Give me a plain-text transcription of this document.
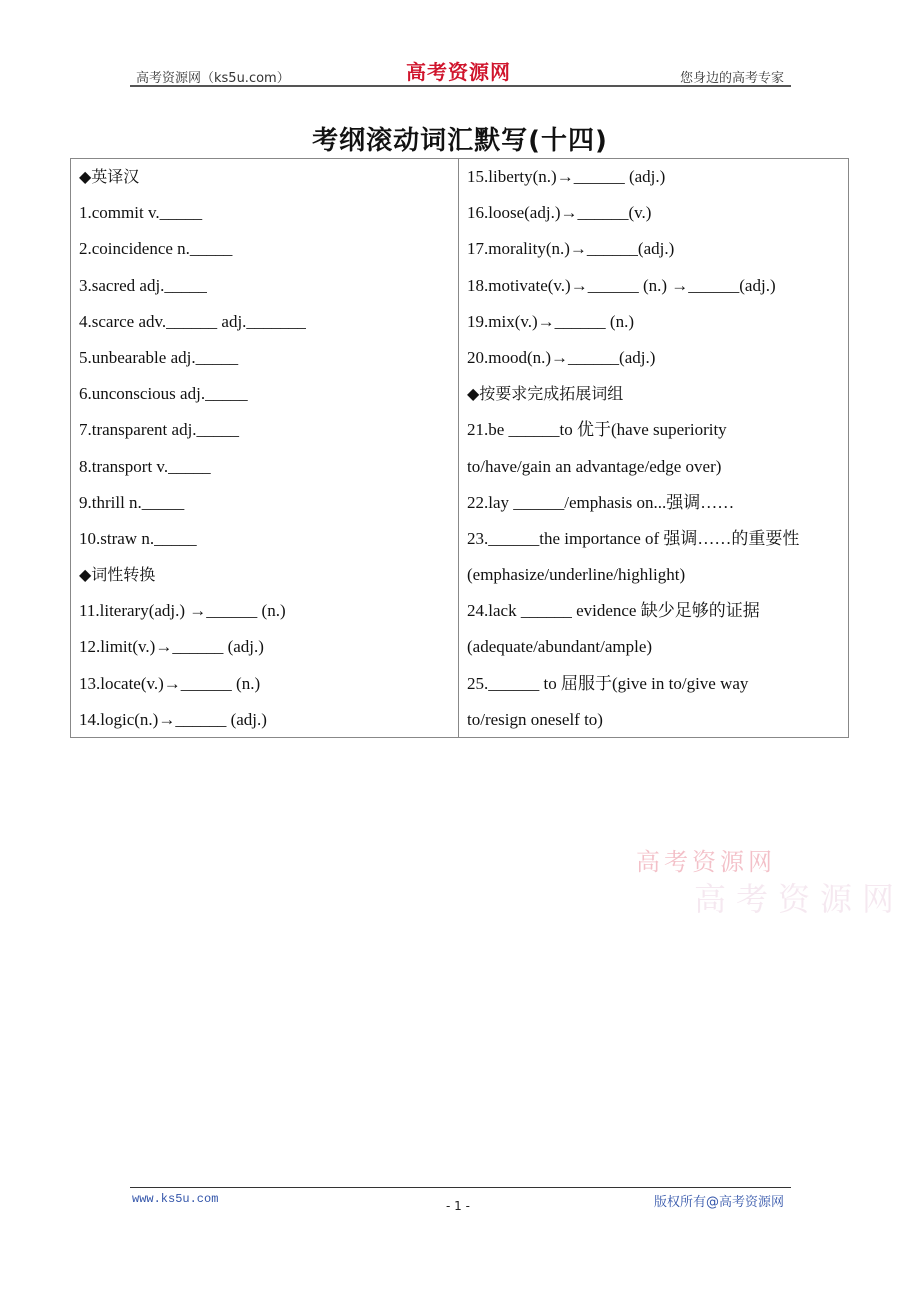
高考资源网（ks5u.com）	高考资源网	您身边的高考专家
考纲滚动词汇默写(十四)
◆英译汉
1.commit v._____
2.coincidence n._____
3.sacred adj._____
4.scarce adv.______ adj._______
5.unbearable adj._____
6.unconscious adj._____
7.transparent adj._____
8.transport v._____
9.thrill n._____
10.straw n._____
◆词性转换
11.literary(adj.) →______ (n.)
12.limit(v.)→______ (adj.)
13.locate(v.)→______ (n.)
14.logic(n.)→______ (adj.)
15.liberty(n.)→______ (adj.)
16.loose(adj.)→______(v.)
17.morality(n.)→______(adj.)
18.motivate(v.)→______ (n.) →______(adj.)
19.mix(v.)→______ (n.)
20.mood(n.)→______(adj.)
◆按要求完成拓展词组
21.be ______to 优于(have superiority
to/have/gain an advantage/edge over)
22.lay ______/emphasis on...强调……
23.______the importance of 强调……的重要性
(emphasize/underline/highlight)
24.lack ______ evidence 缺少足够的证据
(adequate/abundant/ample)
25.______ to 屈服于(give in to/give way
to/resign oneself to)
高考资源网
高考资源网
www.ks5u.com	- 1 -	版权所有@高考资源网
